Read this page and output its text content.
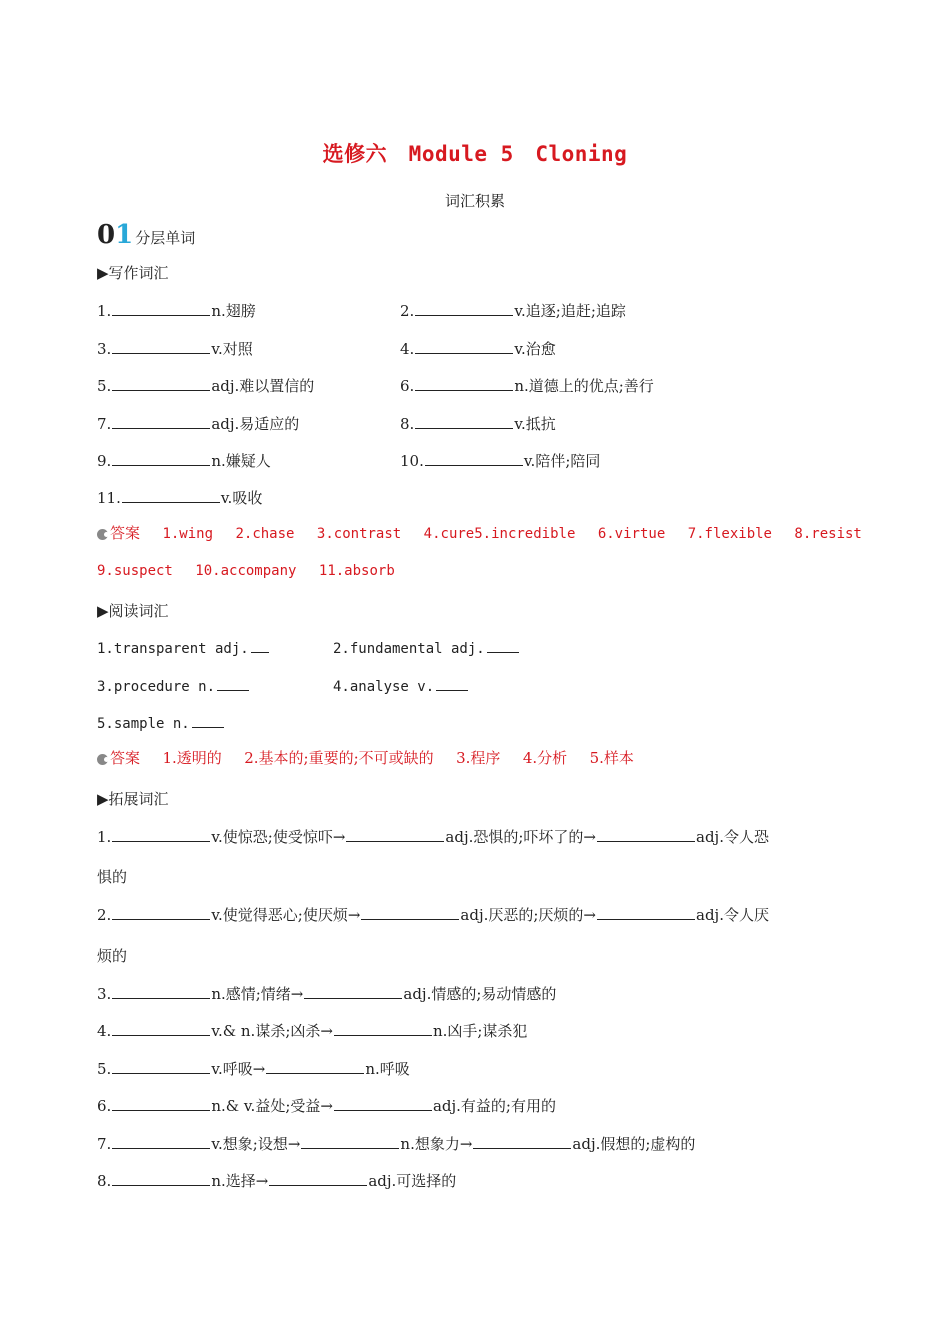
选修六　Module 5　Cloning
词汇积累
0 1 分层单词
▶写作词汇
1.	n.翅膀	2.	v.追逐;追赶;追踪
3.	v.对照	4.	v.治愈
5.	adj.难以置信的	6.	n.道德上的优点;善行
7.	adj.易适应的	8.	v.抵抗
9.	n.嫌疑人	10.	v.陪伴;陪同
11.	v.吸收
答案 1.wing 2.chase 3.contrast 4.cure5.incredible 6.virtue 7.flexible 8.resist
9.suspect 10.accompany 11.absorb
▶阅读词汇
1.transparent adj.	2.fundamental adj.
3.procedure n.	4.analyse v.
5.sample n.
答案 1.透明的 2.基本的;重要的;不可或缺的 3.程序 4.分析 5.样本
▶拓展词汇
1.	v.使惊恐;使受惊吓→	adj.恐惧的;吓坏了的→	adj.令人恐
惧的
2.	v.使觉得恶心;使厌烦→	adj.厌恶的;厌烦的→	adj.令人厌
烦的
3.	n.感情;情绪→	adj.情感的;易动情感的
4.	v.& n.谋杀;凶杀→	n.凶手;谋杀犯
5.	v.呼吸→	n.呼吸
6.	n.& v.益处;受益→	adj.有益的;有用的
7.	v.想象;设想→	n.想象力→	adj.假想的;虚构的
8.	n.选择→	adj.可选择的
